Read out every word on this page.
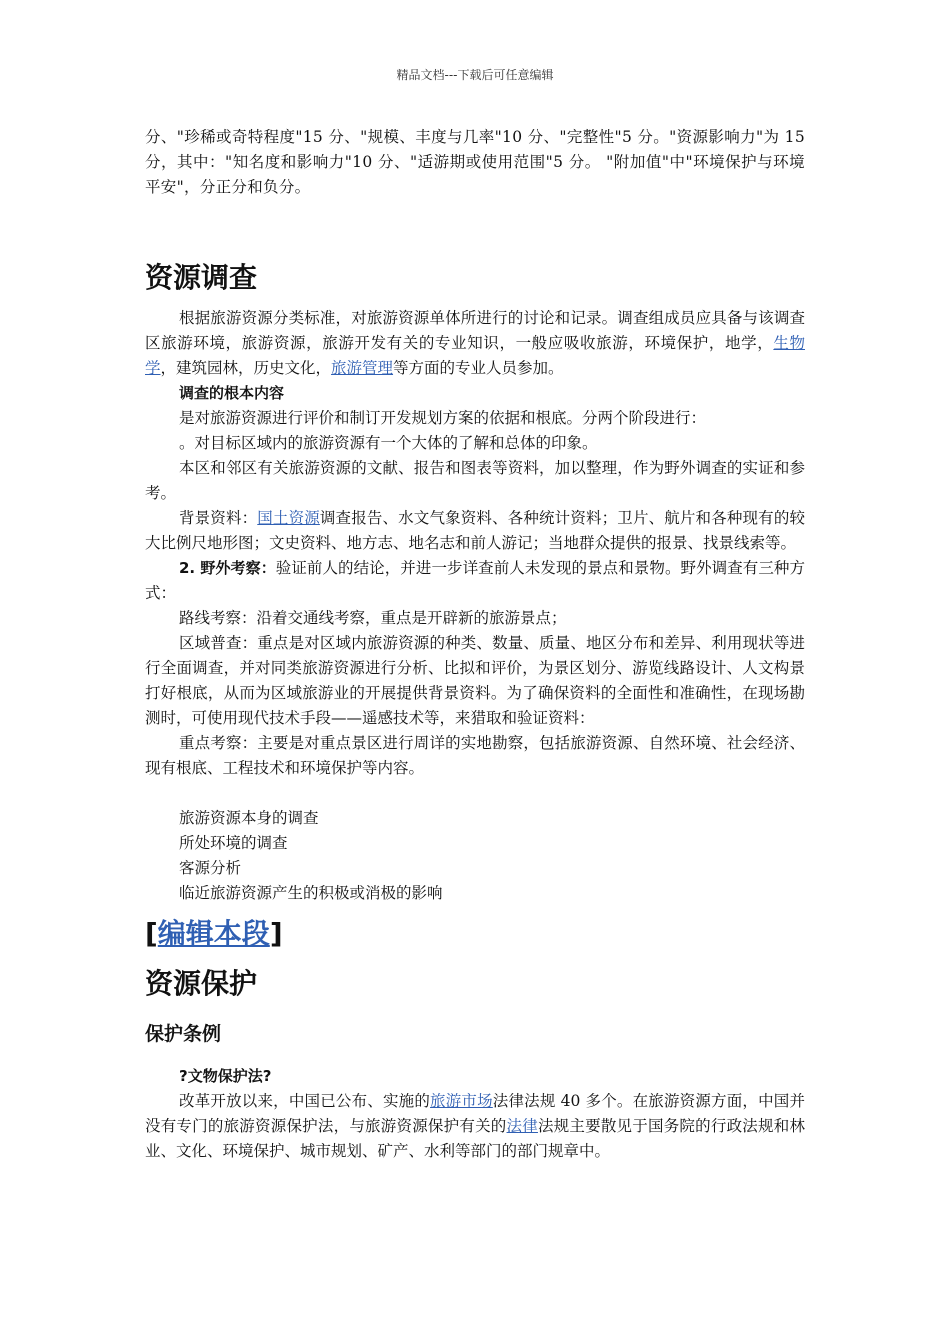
精品文档---下载后可任意编辑

分、"珍稀或奇特程度"15 分、"规模、丰度与几率"10 分、"完整性"5 分。"资源影响力"为 15 分，其中："知名度和影响力"10 分、"适游期或使用范围"5 分。 "附加值"中"环境保护与环境平安"，分正分和负分。

资源调查

根据旅游资源分类标准，对旅游资源单体所进行的讨论和记录。调查组成员应具备与该调查区旅游环境，旅游资源，旅游开发有关的专业知识，一般应吸收旅游，环境保护，地学，生物学，建筑园林，历史文化，旅游管理等方面的专业人员参加。

调查的根本内容

是对旅游资源进行评价和制订开发规划方案的依据和根底。分两个阶段进行：

。对目标区域内的旅游资源有一个大体的了解和总体的印象。

本区和邻区有关旅游资源的文献、报告和图表等资料，加以整理，作为野外调查的实证和参考。

背景资料：国土资源调查报告、水文气象资料、各种统计资料；卫片、航片和各种现有的较大比例尺地形图；文史资料、地方志、地名志和前人游记；当地群众提供的报景、找景线索等。

2. 野外考察：验证前人的结论，并进一步详查前人未发现的景点和景物。野外调查有三种方式：

路线考察：沿着交通线考察，重点是开辟新的旅游景点；

区域普查：重点是对区域内旅游资源的种类、数量、质量、地区分布和差异、利用现状等进行全面调查，并对同类旅游资源进行分析、比拟和评价，为景区划分、游览线路设计、人文构景打好根底，从而为区域旅游业的开展提供背景资料。为了确保资料的全面性和准确性，在现场勘测时，可使用现代技术手段——遥感技术等，来猎取和验证资料：

重点考察：主要是对重点景区进行周详的实地勘察，包括旅游资源、自然环境、社会经济、现有根底、工程技术和环境保护等内容。

旅游资源本身的调查

所处环境的调查

客源分析

临近旅游资源产生的积极或消极的影响

[编辑本段]
资源保护
保护条例

?文物保护法?

改革开放以来，中国已公布、实施的旅游市场法律法规 40 多个。在旅游资源方面，中国并没有专门的旅游资源保护法，与旅游资源保护有关的法律法规主要散见于国务院的行政法规和林业、文化、环境保护、城市规划、矿产、水利等部门的部门规章中。
